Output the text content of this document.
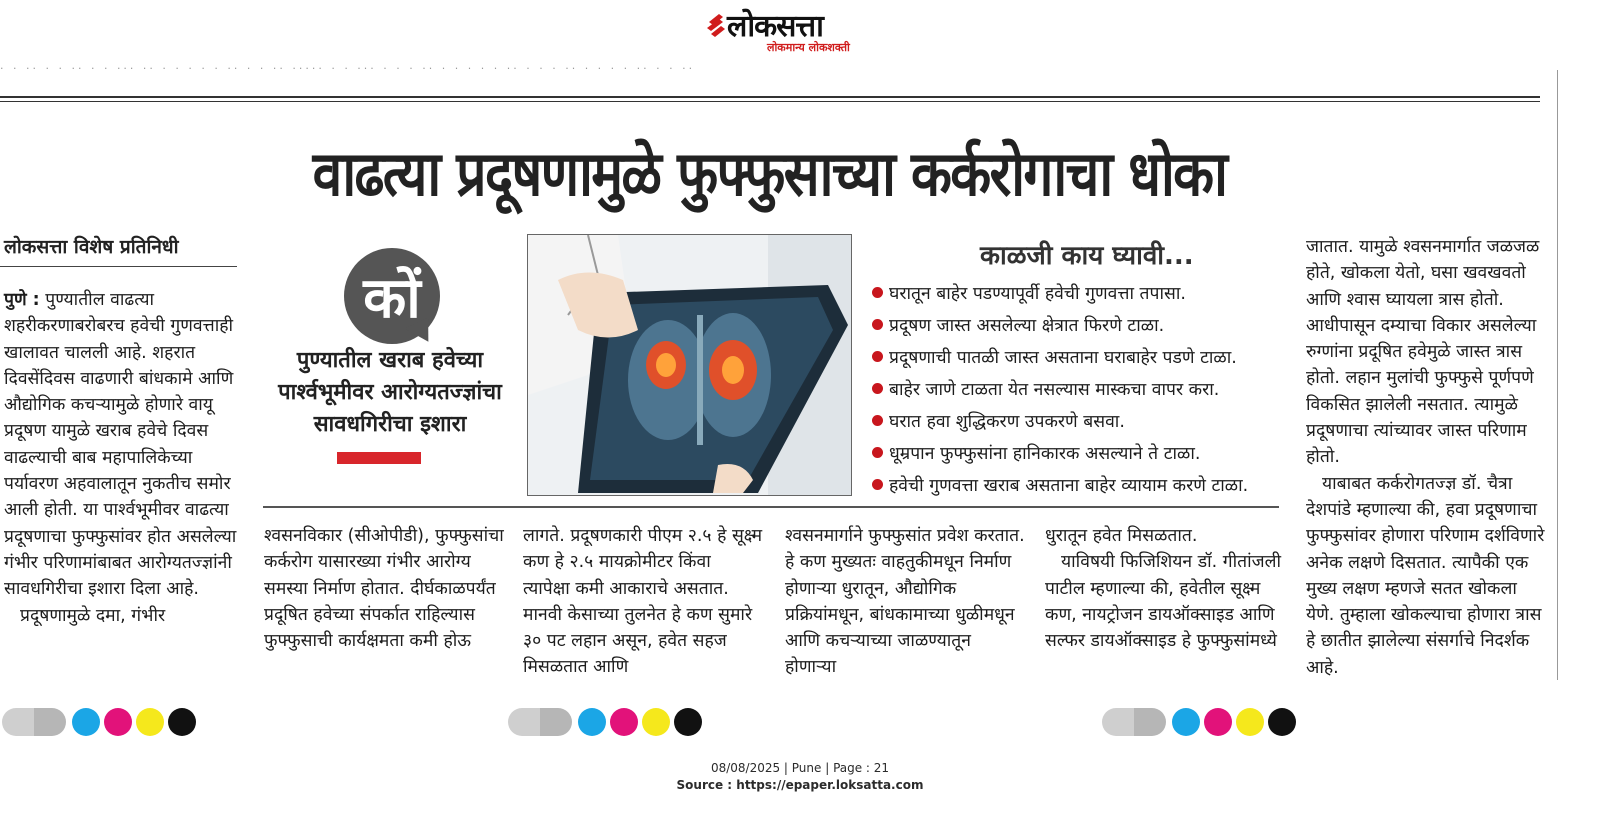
लोकसत्ता
लोकमान्य लोकशक्ती
· · ·· · · ·· · · ··· ·· · · · · · ·· · · ·· ····· · · ··· · · · ·· · · · · · ·· · · · ·· · · · · ·· · · ··
वाढत्या प्रदूषणामुळे फुफ्फुसाच्या कर्करोगाचा धोका
लोकसत्ता विशेष प्रतिनिधी

पुणे : पुण्यातील वाढत्या शहरीकरणाबरोबरच हवेची गुणवत्ताही खालावत चालली आहे. शहरात दिवसेंदिवस वाढणारी बांधकामे आणि औद्योगिक कचऱ्यामुळे होणारे वायू प्रदूषण यामुळे खराब हवेचे दिवस वाढल्याची बाब महापालिकेच्या पर्यावरण अहवालातून नुकतीच समोर आली होती. या पार्श्वभूमीवर वाढत्या प्रदूषणाचा फुफ्फुसांवर होत असलेल्या गंभीर परिणामांबाबत आरोग्यतज्ज्ञांनी सावधगिरीचा इशारा दिला आहे.

प्रदूषणामुळे दमा, गंभीर

कों
पुण्यातील खराब हवेच्या पार्श्वभूमीवर आरोग्यतज्ज्ञांचा सावधगिरीचा इशारा
काळजी काय घ्यावी...
घरातून बाहेर पडण्यापूर्वी हवेची गुणवत्ता तपासा.
प्रदूषण जास्त असलेल्या क्षेत्रात फिरणे टाळा.
प्रदूषणाची पातळी जास्त असताना घराबाहेर पडणे टाळा.
बाहेर जाणे टाळता येत नसल्यास मास्कचा वापर करा.
घरात हवा शुद्धिकरण उपकरणे बसवा.
धूम्रपान फुफ्फुसांना हानिकारक असल्याने ते टाळा.
हवेची गुणवत्ता खराब असताना बाहेर व्यायाम करणे टाळा.

श्वसनविकार (सीओपीडी), फुफ्फुसांचा कर्करोग यासारख्या गंभीर आरोग्य समस्या निर्माण होतात. दीर्घकाळपर्यंत प्रदूषित हवेच्या संपर्कात राहिल्यास फुफ्फुसाची कार्यक्षमता कमी होऊ

लागते. प्रदूषणकारी पीएम २.५ हे सूक्ष्म कण हे २.५ मायक्रोमीटर किंवा त्यापेक्षा कमी आकाराचे असतात. मानवी केसाच्या तुलनेत हे कण सुमारे ३० पट लहान असून, हवेत सहज मिसळतात आणि

श्वसनमार्गाने फुफ्फुसांत प्रवेश करतात. हे कण मुख्यतः वाहतुकीमधून निर्माण होणाऱ्या धुरातून, औद्योगिक प्रक्रियांमधून, बांधकामाच्या धुळीमधून आणि कचऱ्याच्या जाळण्यातून होणाऱ्या

धुरातून हवेत मिसळतात.

याविषयी फिजिशियन डॉ. गीतांजली पाटील म्हणाल्या की, हवेतील सूक्ष्म कण, नायट्रोजन डायऑक्साइड आणि सल्फर डायऑक्साइड हे फुफ्फुसांमध्ये

जातात. यामुळे श्वसनमार्गात जळजळ होते, खोकला येतो, घसा खवखवतो आणि श्वास घ्यायला त्रास होतो. आधीपासून दम्याचा विकार असलेल्या रुग्णांना प्रदूषित हवेमुळे जास्त त्रास होतो. लहान मुलांची फुफ्फुसे पूर्णपणे विकसित झालेली नसतात. त्यामुळे प्रदूषणाचा त्यांच्यावर जास्त परिणाम होतो.

याबाबत कर्करोगतज्ज्ञ डॉ. चैत्रा देशपांडे म्हणाल्या की, हवा प्रदूषणाचा फुफ्फुसांवर होणारा परिणाम दर्शविणारे अनेक लक्षणे दिसतात. त्यापैकी एक मुख्य लक्षण म्हणजे सतत खोकला येणे. तुम्हाला खोकल्याचा होणारा त्रास हे छातीत झालेल्या संसर्गाचे निदर्शक आहे.

08/08/2025 | Pune | Page : 21
Source : https://epaper.loksatta.com
